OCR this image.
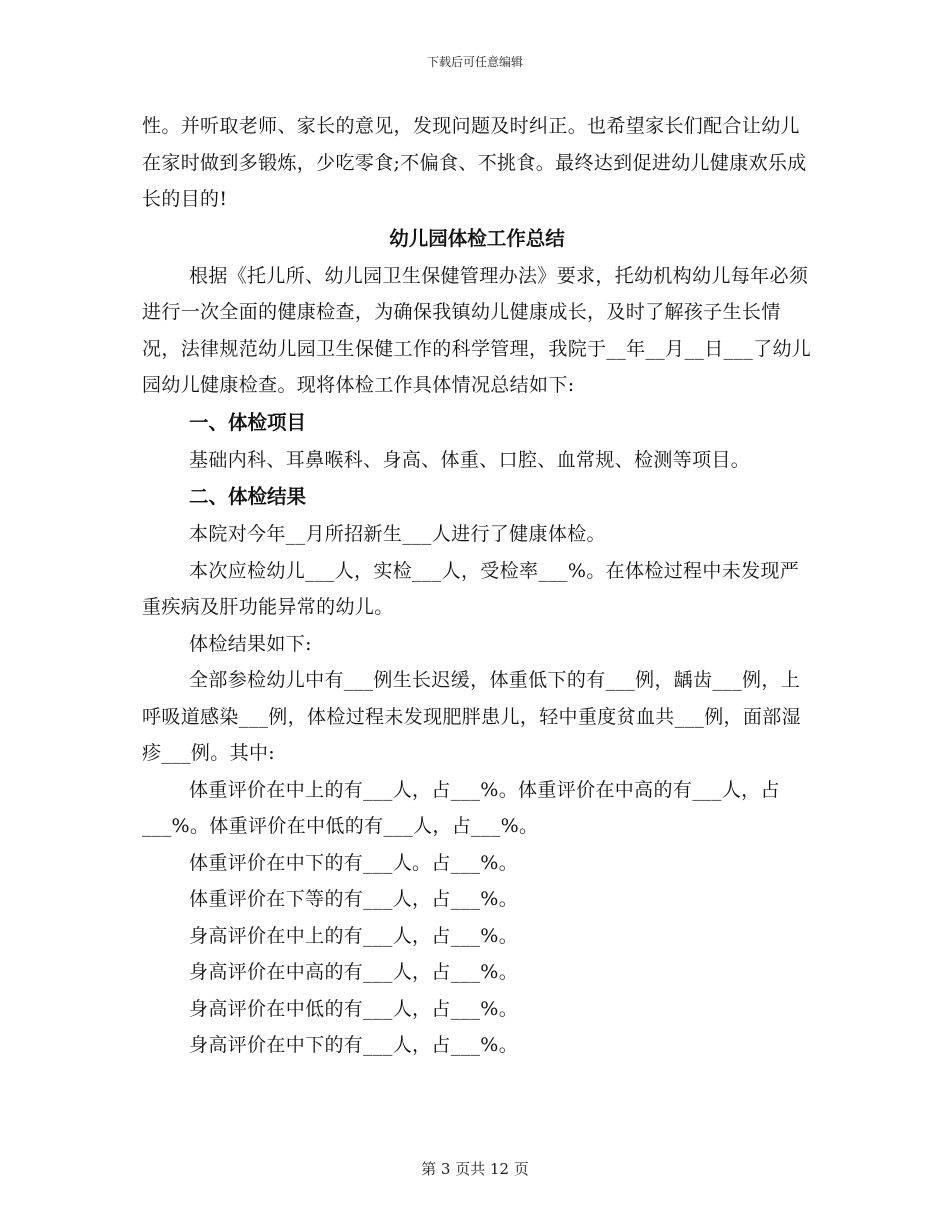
下载后可任意编辑

性。并听取老师、家长的意见，发现问题及时纠正。也希望家长们配合让幼儿在家时做到多锻炼，少吃零食;不偏食、不挑食。最终达到促进幼儿健康欢乐成长的目的!

幼儿园体检工作总结

根据《托儿所、幼儿园卫生保健管理办法》要求，托幼机构幼儿每年必须进行一次全面的健康检查，为确保我镇幼儿健康成长，及时了解孩子生长情况，法律规范幼儿园卫生保健工作的科学管理，我院于__年__月__日___了幼儿园幼儿健康检查。现将体检工作具体情况总结如下:

一、体检项目

基础内科、耳鼻喉科、身高、体重、口腔、血常规、检测等项目。

二、体检结果

本院对今年__月所招新生___人进行了健康体检。

本次应检幼儿___人，实检___人，受检率___%。在体检过程中未发现严重疾病及肝功能异常的幼儿。

体检结果如下:

全部参检幼儿中有___例生长迟缓，体重低下的有___例，龋齿___例，上呼吸道感染___例，体检过程未发现肥胖患儿，轻中重度贫血共___例，面部湿疹___例。其中:

体重评价在中上的有___人，占___%。体重评价在中高的有___人，占___%。体重评价在中低的有___人，占___%。

体重评价在中下的有___人。占___%。

体重评价在下等的有___人，占___%。

身高评价在中上的有___人，占___%。

身高评价在中高的有___人，占___%。

身高评价在中低的有___人，占___%。

身高评价在中下的有___人，占___%。

第 3 页共 12 页
